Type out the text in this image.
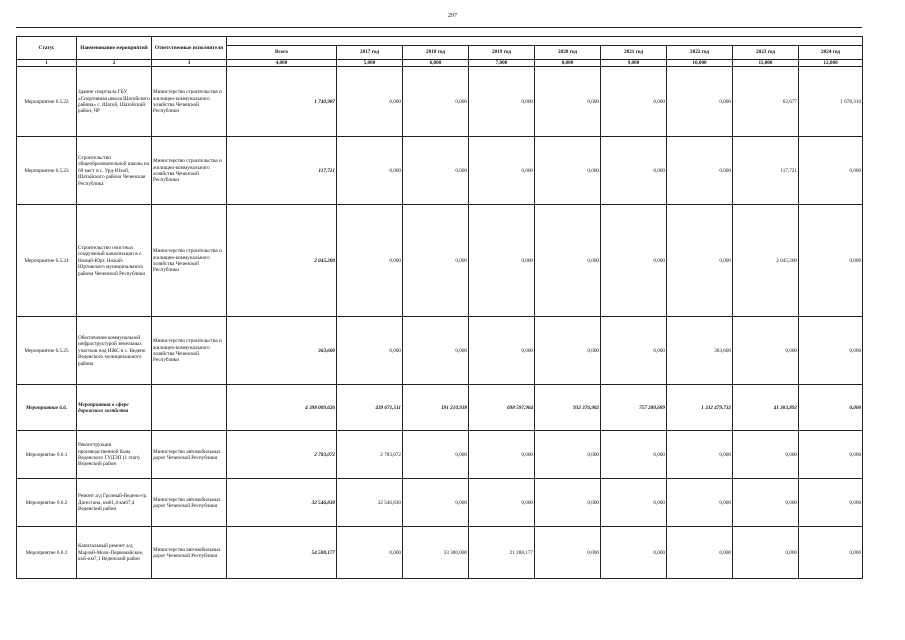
297
Статус	Наименование мероприятий	Ответственные исполнители									
			Всего	2017 год	2018 год	2019 год	2020 год	2021 год	2022 год	2023 год	2024 год
1	2	3	4,000	5,000	6,000	7,000	8,000	9,000	10,000	11,000	12,000
Мероприятие 6.5.22	Здание спортзала ГБУ «Спортивная школа Шатойского района» с. Шатой, Шатойский район, ЧР	Министерство строительства и жилищно-коммунального хозяйства Чеченской Республики	1 740,987	0,000	0,000	0,000	0,000	0,000	0,000	62,677	1 678,310
Мероприятие 6.5.23	Строительство общеобразовательной школы на 60 мест в с. Урд-Юхой, Шатойского района Чеченская Республика	Министерство строительства и жилищно-коммунального хозяйства Чеченской Республики	117,721	0,000	0,000	0,000	0,000	0,000	0,000	117,721	0,000
Мероприятие 6.5.24	Строительство очистных сооружений канализации в с. Ножай-Юрт, Ножай-Юртовского муниципального района Чеченской Республики	Министерство строительства и жилищно-коммунального хозяйства Чеченской Республики	2 045,200	0,000	0,000	0,000	0,000	0,000	0,000	2 045,200	0,000
Мероприятие 6.5.25	Обеспечение коммунальной инфраструктурой земельных участков под ИЖС в с. Ведено Веденского муниципального района	Министерство строительства и жилищно-коммунального хозяйства Чеченской Республики	363,600	0,000	0,000	0,000	0,000	0,000	363,600	0,000	0,000
Мероприятие 6.6.	Мероприятия в сфере дорожного хозяйства		4 398 009,626	439 671,511	191 210,938	698 597,964	932 376,902	757 280,689	1 332 479,732	41 383,892	0,000
Мероприятие 6.6.1	Реконструкция производственной базы Веденского ГУДЭП (1 этап) Веденский район	Министерство автомобильных дорог Чеченской Республики	2 783,072	2 783,072	0,000	0,000	0,000	0,000	0,000	0,000	0,000
Мероприятие 6.6.2	Ремонт а/д Грозный-Ведено-гр. Дагестана, км61,4-км67,4 Веденский район	Министерство автомобильных дорог Чеченской Республики	32 546,830	32 546,830	0,000	0,000	0,000	0,000	0,000	0,000	0,000
Мероприятие 6.6.3	Капитальный ремонт а/д Марзой-Мохк-Первомайское, км5-км7,1 Веденский район	Министерство автомобильных дорог Чеченской Республики	54 588,177	0,000	33 300,000	21 288,177	0,000	0,000	0,000	0,000	0,000
